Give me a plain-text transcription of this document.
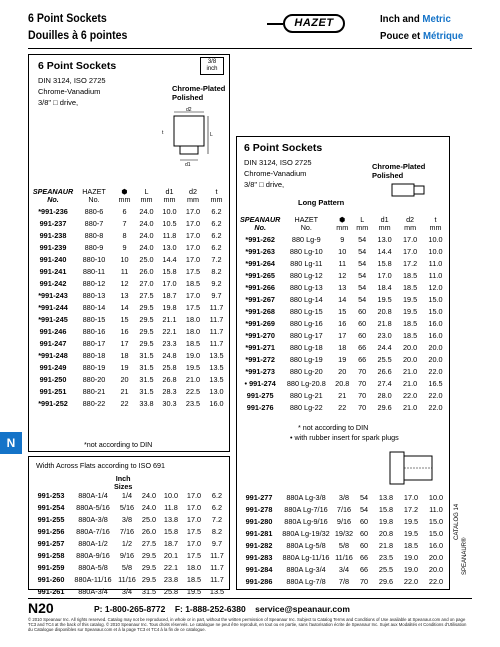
6 Point Sockets
Douilles à 6 pointes
HAZET	Inch and Metric
Pouce et Métrique
6 Point Sockets	3/8
inch
DIN 3124, ISO 2725
Chrome-Vanadium
3/8" □ drive,
Chrome-Plated
Polished
d2
L
d1
t
SPEANAUR
No.	HAZET
No.	⬢
mm	L
mm	d1
mm	d2
mm	t
mm
*991-236	880-6	6	24.0	10.0	17.0	6.2
991-237	880-7	7	24.0	10.5	17.0	6.2
991-238	880-8	8	24.0	11.8	17.0	6.2
991-239	880-9	9	24.0	13.0	17.0	6.2
991-240	880-10	10	25.0	14.4	17.0	7.2
991-241	880-11	11	26.0	15.8	17.5	8.2
991-242	880-12	12	27.0	17.0	18.5	9.2
*991-243	880-13	13	27.5	18.7	17.0	9.7
*991-244	880-14	14	29.5	19.8	17.5	11.7
*991-245	880-15	15	29.5	21.1	18.0	11.7
991-246	880-16	16	29.5	22.1	18.0	11.7
991-247	880-17	17	29.5	23.3	18.5	11.7
*991-248	880-18	18	31.5	24.8	19.0	13.5
991-249	880-19	19	31.5	25.8	19.5	13.5
991-250	880-20	20	31.5	26.8	21.0	13.5
991-251	880-21	21	31.5	28.3	22.5	13.0
*991-252	880-22	22	33.8	30.3	23.5	16.0
*not according to DIN
Width Across Flats according to ISO 691
Inch
Sizes
991-253	880A-1/4	1/4	24.0	10.0	17.0	6.2
991-254	880A-5/16	5/16	24.0	11.8	17.0	6.2
991-255	880A-3/8	3/8	25.0	13.8	17.0	7.2
991-256	880A-7/16	7/16	26.0	15.8	17.5	8.2
991-257	880A-1/2	1/2	27.5	18.7	17.0	9.7
991-258	880A-9/16	9/16	29.5	20.1	17.5	11.7
991-259	880A-5/8	5/8	29.5	22.1	18.0	11.7
991-260	880A-11/16	11/16	29.5	23.8	18.5	11.7
991-261	880A-3/4	3/4	31.5	25.8	19.5	13.5
6 Point Sockets
DIN 3124, ISO 2725
Chrome-Vanadium
3/8" □ drive,
Chrome-Plated
Polished
Long Pattern
SPEANAUR
No.	HAZET
No.	⬢
mm	L
mm	d1
mm	d2
mm	t
mm
*991-262	880 Lg-9	9	54	13.0	17.0	10.0
*991-263	880 Lg-10	10	54	14.4	17.0	10.0
*991-264	880 Lg-11	11	54	15.8	17.2	11.0
*991-265	880 Lg-12	12	54	17.0	18.5	11.0
*991-266	880 Lg-13	13	54	18.4	18.5	12.0
*991-267	880 Lg-14	14	54	19.5	19.5	15.0
*991-268	880 Lg-15	15	60	20.8	19.5	15.0
*991-269	880 Lg-16	16	60	21.8	18.5	16.0
*991-270	880 Lg-17	17	60	23.0	18.5	16.0
*991-271	880 Lg-18	18	66	24.4	20.0	20.0
*991-272	880 Lg-19	19	66	25.5	20.0	20.0
*991-273	880 Lg-20	20	70	26.6	21.0	22.0
• 991-274	880 Lg-20.8	20.8	70	27.4	21.0	16.5
991-275	880 Lg-21	21	70	28.0	22.0	22.0
991-276	880 Lg-22	22	70	29.6	21.0	22.0
* not according to DIN
• with rubber insert for spark plugs
991-277	880A Lg-3/8	3/8	54	13.8	17.0	10.0
991-278	880A Lg-7/16	7/16	54	15.8	17.2	11.0
991-280	880A Lg-9/16	9/16	60	19.8	19.5	15.0
991-281	880A Lg-19/32	19/32	60	20.8	19.5	15.0
991-282	880A Lg-5/8	5/8	60	21.8	18.5	16.0
991-283	880A Lg-11/16	11/16	66	23.5	19.0	20.0
991-284	880A Lg-3/4	3/4	66	25.5	19.0	20.0
991-286	880A Lg-7/8	7/8	70	29.6	22.0	22.0
N
CATALOG 14
SPEANAUR®
N20	P: 1-800-265-8772 F: 1-888-252-6380 service@speanaur.com
© 2010 Speanaur Inc. All rights reserved. Catalog may not be reproduced, in whole or in part, without the written permission of Speanaur Inc. Subject to Catalog Terms and Conditions of Use available at Speanaur.com and on page TC3 and TC4 at the back of this catalog. © 2010 Speanaur Inc. Tous droits réservés. Le catalogue ne peut être reproduit, en tout ou en partie, sans l'autorisation écrite de Speanaur Inc. Sujet aux Modalités et Conditions d'Utilisation du Catalogue disponibles sur Speanaur.com et à la page TC3 et TC4 à la fin de ce catalogue.
